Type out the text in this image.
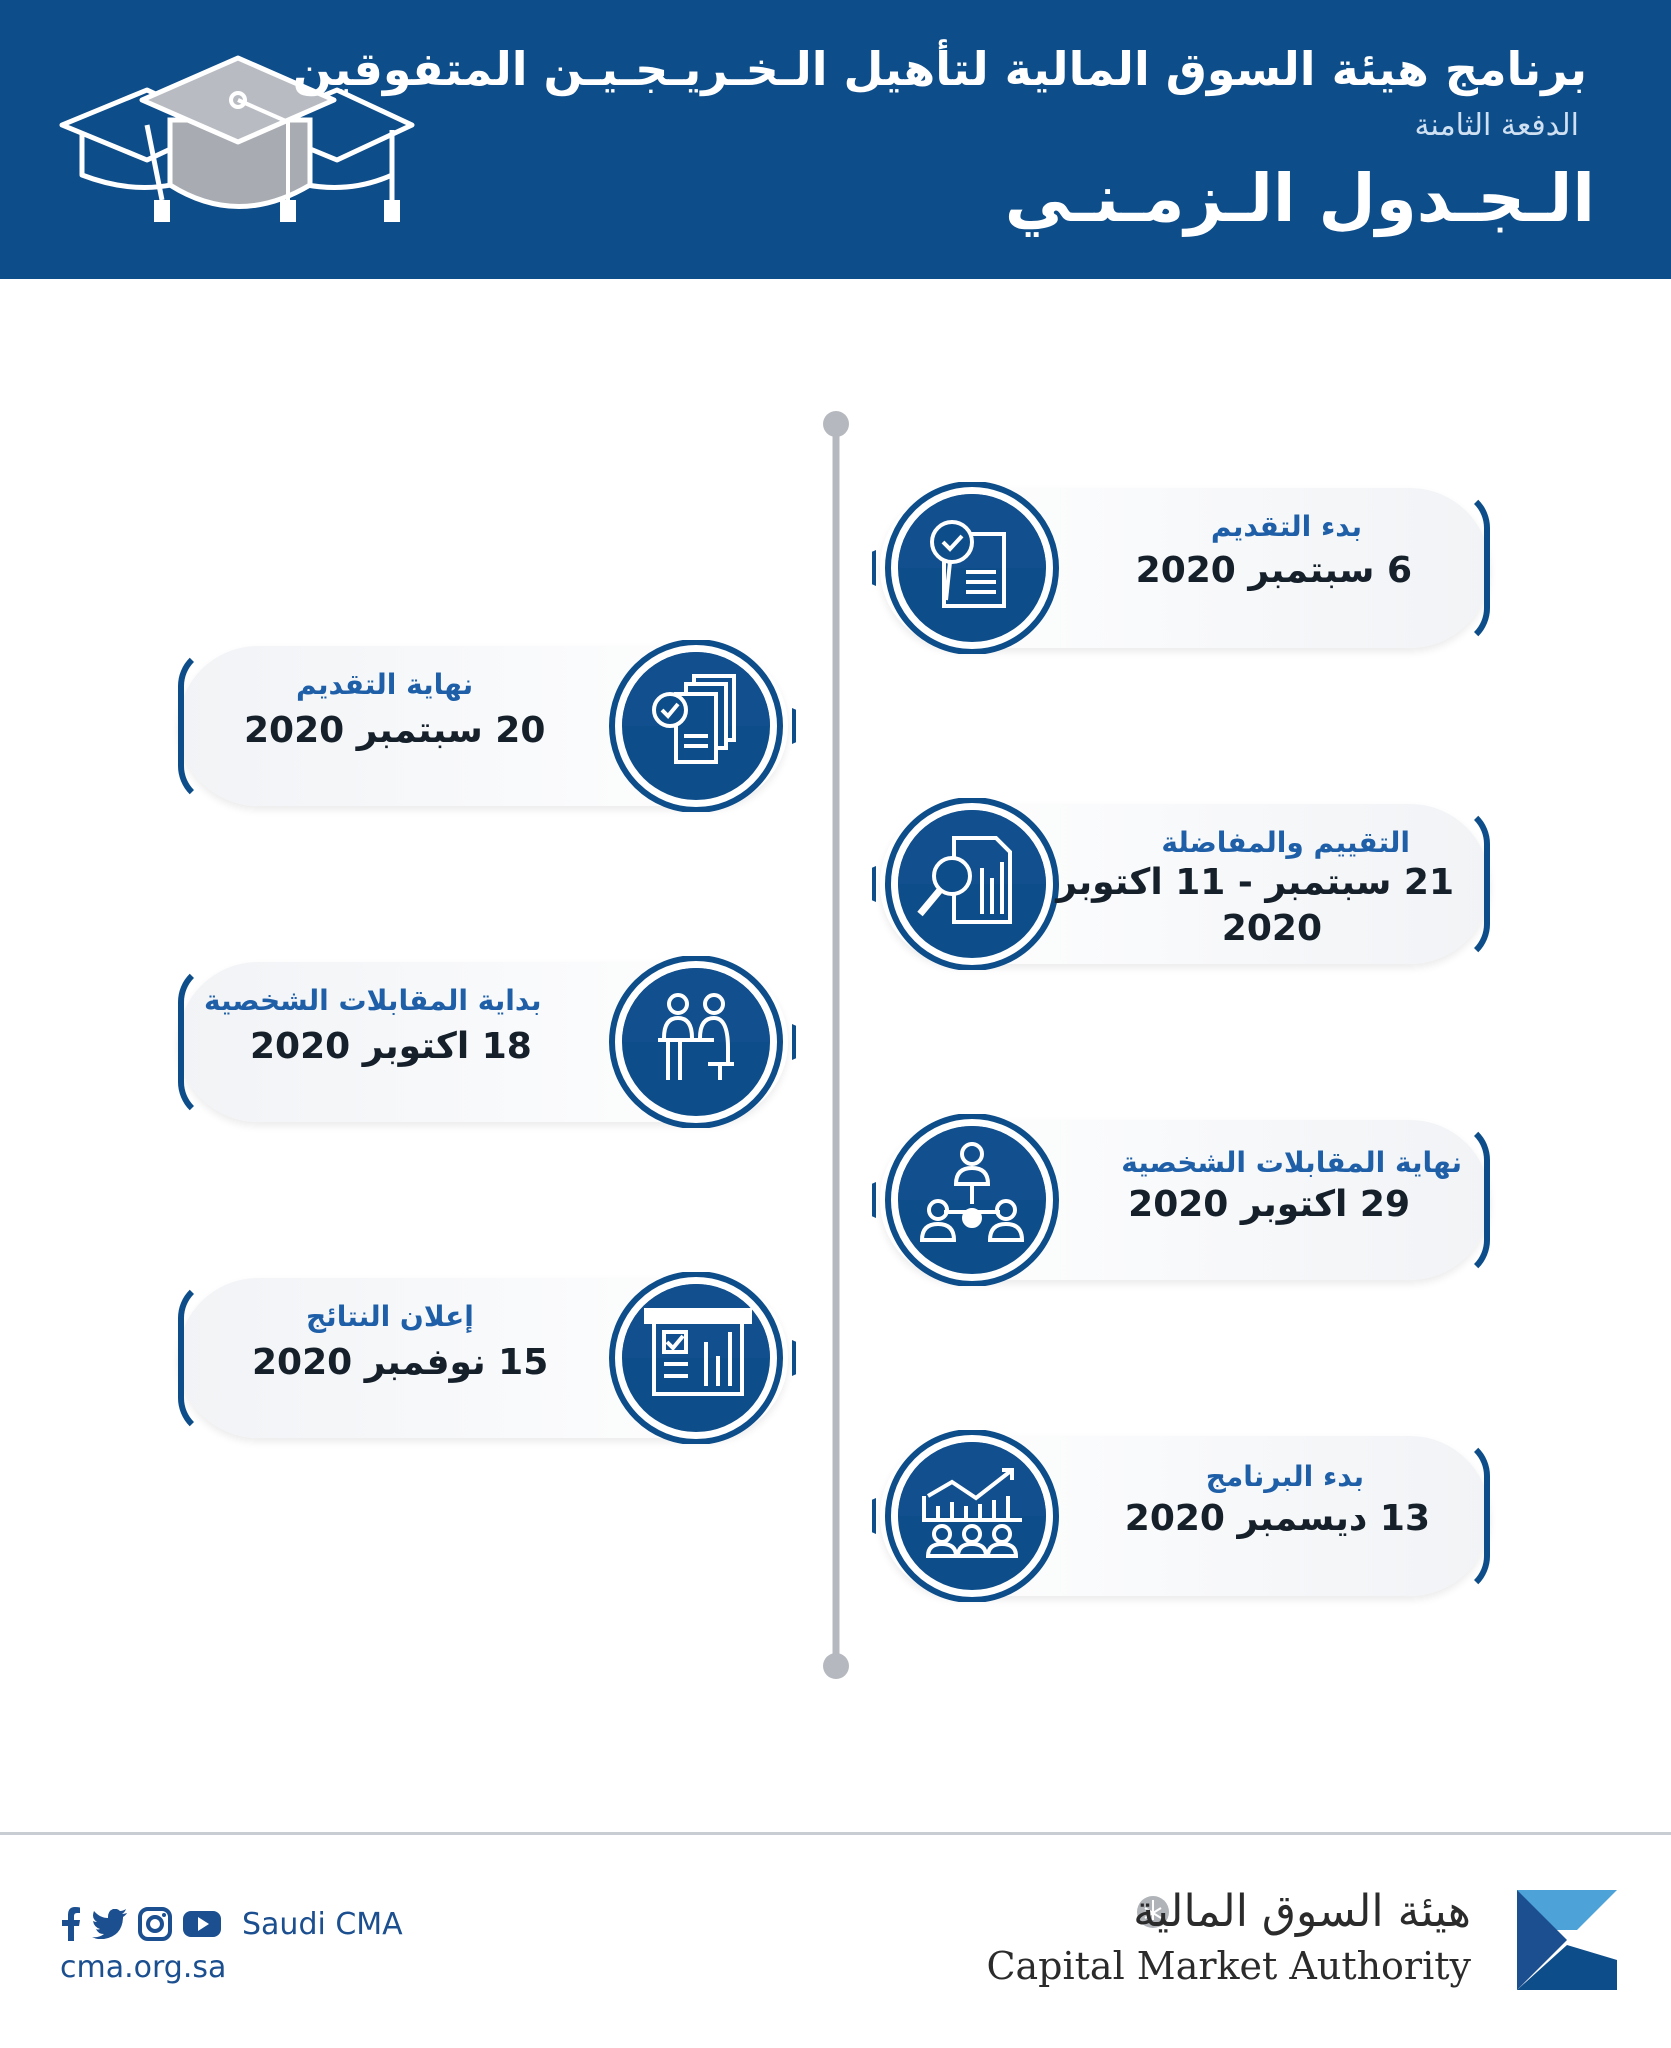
برنامج هيئة السوق المالية لتأهيل الـخـريـجـيـن المتفوقين
الدفعة الثامنة
الـجـدول الـزمـنـي
بدء التقديم
6 سبتمبر 2020
نهاية التقديم
20 سبتمبر 2020
التقييم والمفاضلة
21 سبتمبر - 11 اكتوبر
2020
بداية المقابلات الشخصية
18 اكتوبر 2020
نهاية المقابلات الشخصية
29 اكتوبر 2020
إعلان النتائج
15 نوفمبر 2020
بدء البرنامج
13 ديسمبر 2020
Saudi CMA
cma.org.sa
هيئة السوق المالية
Capital Market Authority
